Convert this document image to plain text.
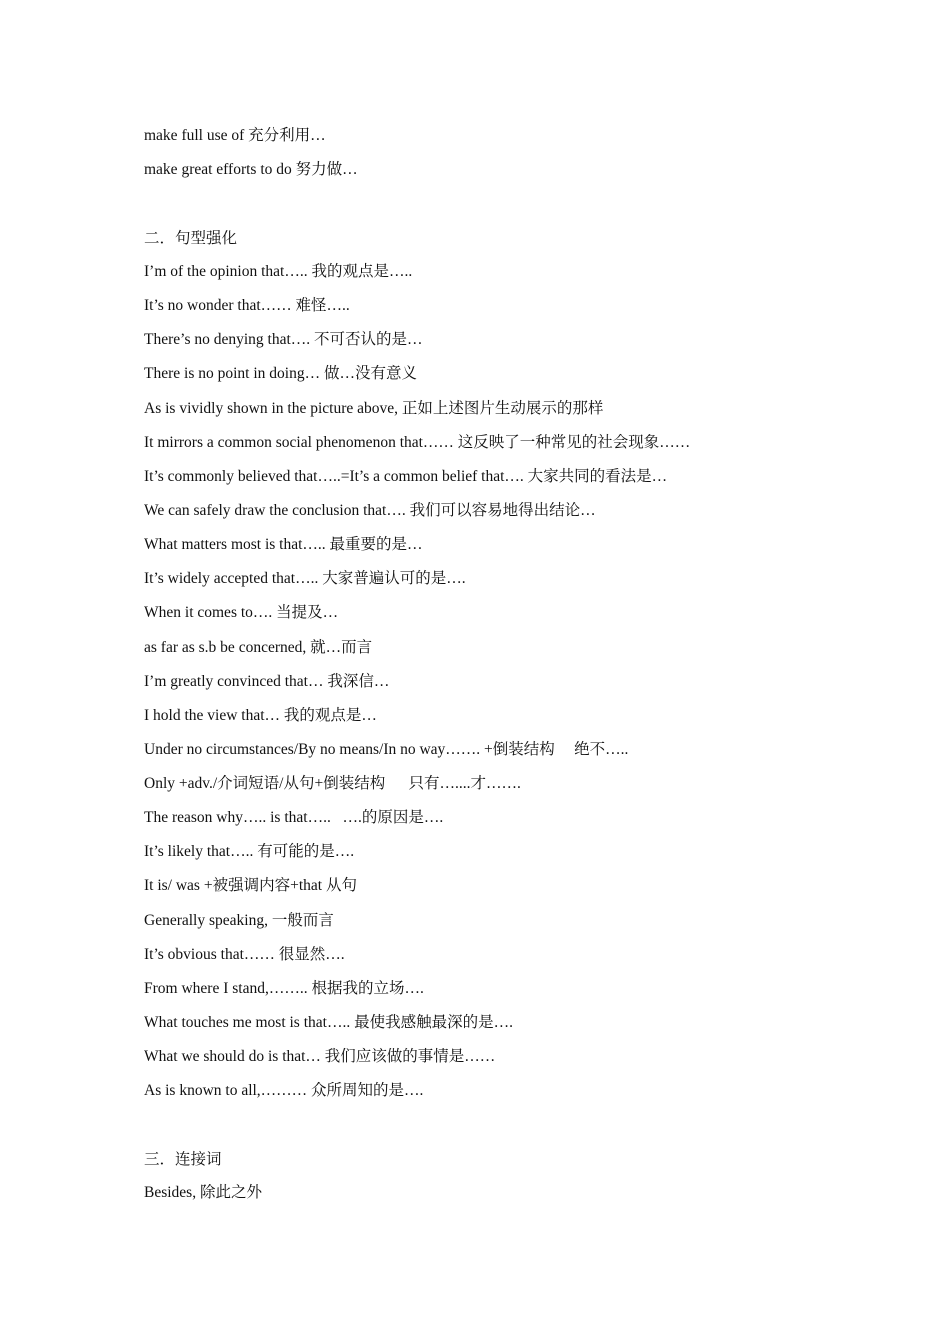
make full use of 充分利用…
make great efforts to do 努力做…
二．句型强化
I’m of the opinion that….. 我的观点是…..
It’s no wonder that…… 难怪…..
There’s no denying that…. 不可否认的是…
There is no point in doing… 做…没有意义
As is vividly shown in the picture above, 正如上述图片生动展示的那样
It mirrors a common social phenomenon that…… 这反映了一种常见的社会现象……
It’s commonly believed that…..=It’s a common belief that…. 大家共同的看法是…
We can safely draw the conclusion that…. 我们可以容易地得出结论…
What matters most is that….. 最重要的是…
It’s widely accepted that….. 大家普遍认可的是….
When it comes to…. 当提及…
as far as s.b be concerned, 就…而言
I’m greatly convinced that… 我深信…
I hold the view that… 我的观点是…
Under no circumstances/By no means/In no way……. +倒装结构     绝不…..
Only +adv./介词短语/从句+倒装结构      只有…....才…….
The reason why….. is that…..   ….的原因是….
It’s likely that….. 有可能的是….
It is/ was +被强调内容+that 从句
Generally speaking, 一般而言
It’s obvious that…… 很显然….
From where I stand,…….. 根据我的立场….
What touches me most is that….. 最使我感触最深的是….
What we should do is that… 我们应该做的事情是……
As is known to all,……… 众所周知的是….
三．连接词
Besides, 除此之外
